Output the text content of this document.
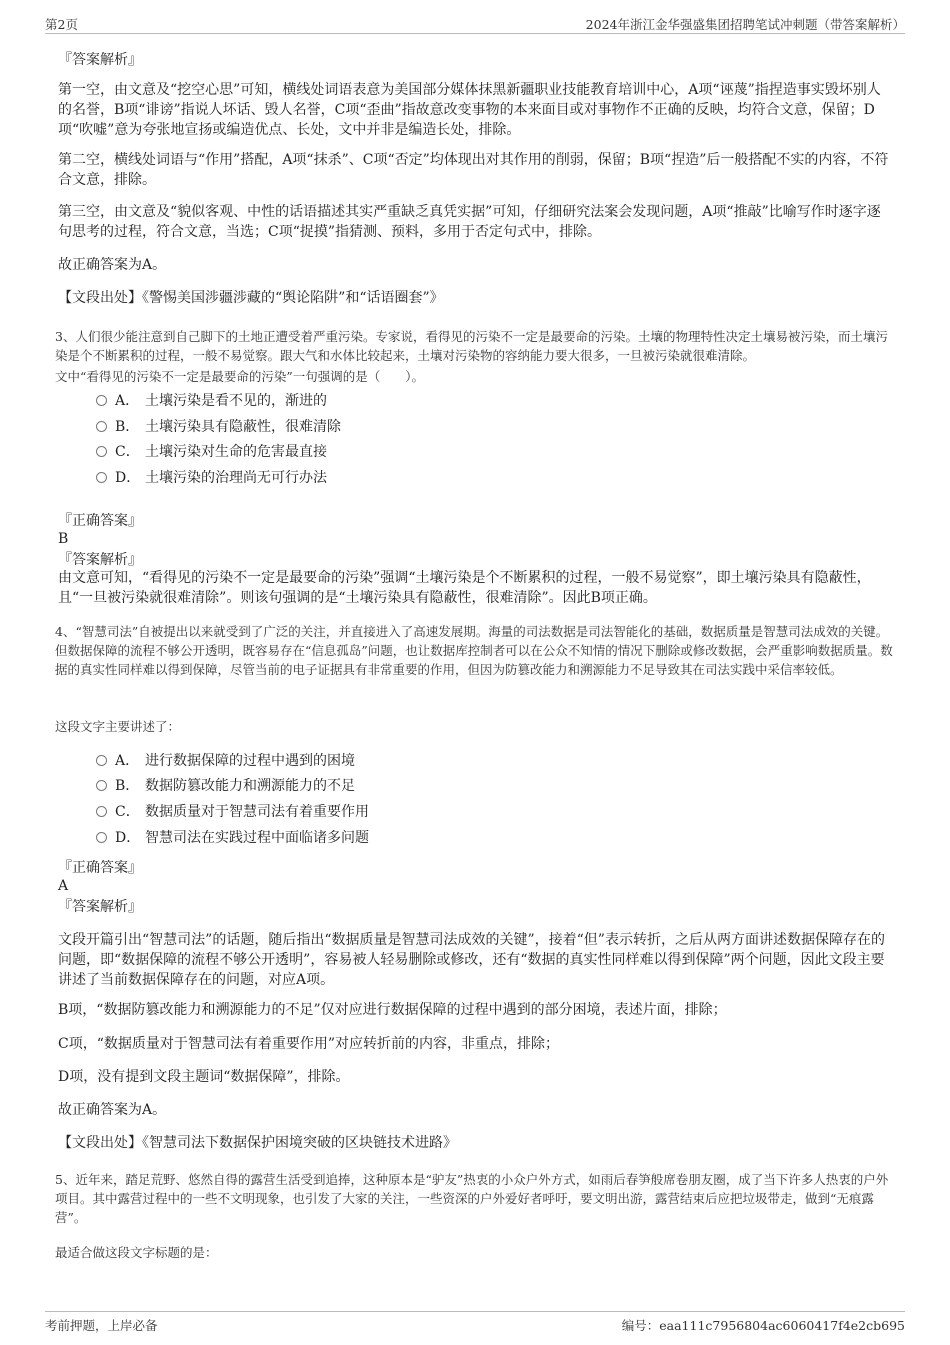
第2页	2024年浙江金华强盛集团招聘笔试冲刺题（带答案解析）
『答案解析』

第一空，由文意及“挖空心思”可知，横线处词语表意为美国部分媒体抹黑新疆职业技能教育培训中心，A项“诬蔑”指捏造事实毁坏别人的名誉，B项“诽谤”指说人坏话、毁人名誉，C项“歪曲”指故意改变事物的本来面目或对事物作不正确的反映，均符合文意，保留；D项“吹嘘”意为夸张地宣扬或编造优点、长处，文中并非是编造长处，排除。

第二空，横线处词语与“作用”搭配，A项“抹杀”、C项“否定”均体现出对其作用的削弱，保留；B项“捏造”后一般搭配不实的内容，不符合文意，排除。

第三空，由文意及“貌似客观、中性的话语描述其实严重缺乏真凭实据”可知，仔细研究法案会发现问题，A项“推敲”比喻写作时逐字逐句思考的过程，符合文意，当选；C项“捉摸”指猜测、预料，多用于否定句式中，排除。

故正确答案为A。

【文段出处】《警惕美国涉疆涉藏的“舆论陷阱”和“话语圈套”》

3、人们很少能注意到自己脚下的土地正遭受着严重污染。专家说，看得见的污染不一定是最要命的污染。土壤的物理特性决定土壤易被污染，而土壤污染是个不断累积的过程，一般不易觉察。跟大气和水体比较起来，土壤对污染物的容纳能力要大很多，一旦被污染就很难清除。

文中“看得见的污染不一定是最要命的污染”一句强调的是（　　）。

A． 土壤污染是看不见的，渐进的
B． 土壤污染具有隐蔽性，很难清除
C． 土壤污染对生命的危害最直接
D． 土壤污染的治理尚无可行办法
『正确答案』
B
『答案解析』

由文意可知，“看得见的污染不一定是最要命的污染”强调“土壤污染是个不断累积的过程，一般不易觉察”，即土壤污染具有隐蔽性，且“一旦被污染就很难清除”。则该句强调的是“土壤污染具有隐蔽性，很难清除”。因此B项正确。

4、“智慧司法”自被提出以来就受到了广泛的关注，并直接进入了高速发展期。海量的司法数据是司法智能化的基础，数据质量是智慧司法成效的关键。但数据保障的流程不够公开透明，既容易存在“信息孤岛”问题，也让数据库控制者可以在公众不知情的情况下删除或修改数据，会严重影响数据质量。数据的真实性同样难以得到保障，尽管当前的电子证据具有非常重要的作用，但因为防篡改能力和溯源能力不足导致其在司法实践中采信率较低。

这段文字主要讲述了：

A． 进行数据保障的过程中遇到的困境
B． 数据防篡改能力和溯源能力的不足
C． 数据质量对于智慧司法有着重要作用
D． 智慧司法在实践过程中面临诸多问题
『正确答案』
A
『答案解析』

文段开篇引出“智慧司法”的话题，随后指出“数据质量是智慧司法成效的关键”，接着“但”表示转折，之后从两方面讲述数据保障存在的问题，即“数据保障的流程不够公开透明”，容易被人轻易删除或修改，还有“数据的真实性同样难以得到保障”两个问题，因此文段主要讲述了当前数据保障存在的问题，对应A项。

B项，“数据防篡改能力和溯源能力的不足”仅对应进行数据保障的过程中遇到的部分困境，表述片面，排除；

C项，“数据质量对于智慧司法有着重要作用”对应转折前的内容，非重点，排除；

D项，没有提到文段主题词“数据保障”，排除。

故正确答案为A。

【文段出处】《智慧司法下数据保护困境突破的区块链技术进路》

5、近年来，踏足荒野、悠然自得的露营生活受到追捧，这种原本是“驴友”热衷的小众户外方式，如雨后春笋般席卷朋友圈，成了当下许多人热衷的户外项目。其中露营过程中的一些不文明现象，也引发了大家的关注，一些资深的户外爱好者呼吁，要文明出游，露营结束后应把垃圾带走，做到“无痕露营”。

最适合做这段文字标题的是：

考前押题，上岸必备	编号：eaa111c7956804ac6060417f4e2cb695
